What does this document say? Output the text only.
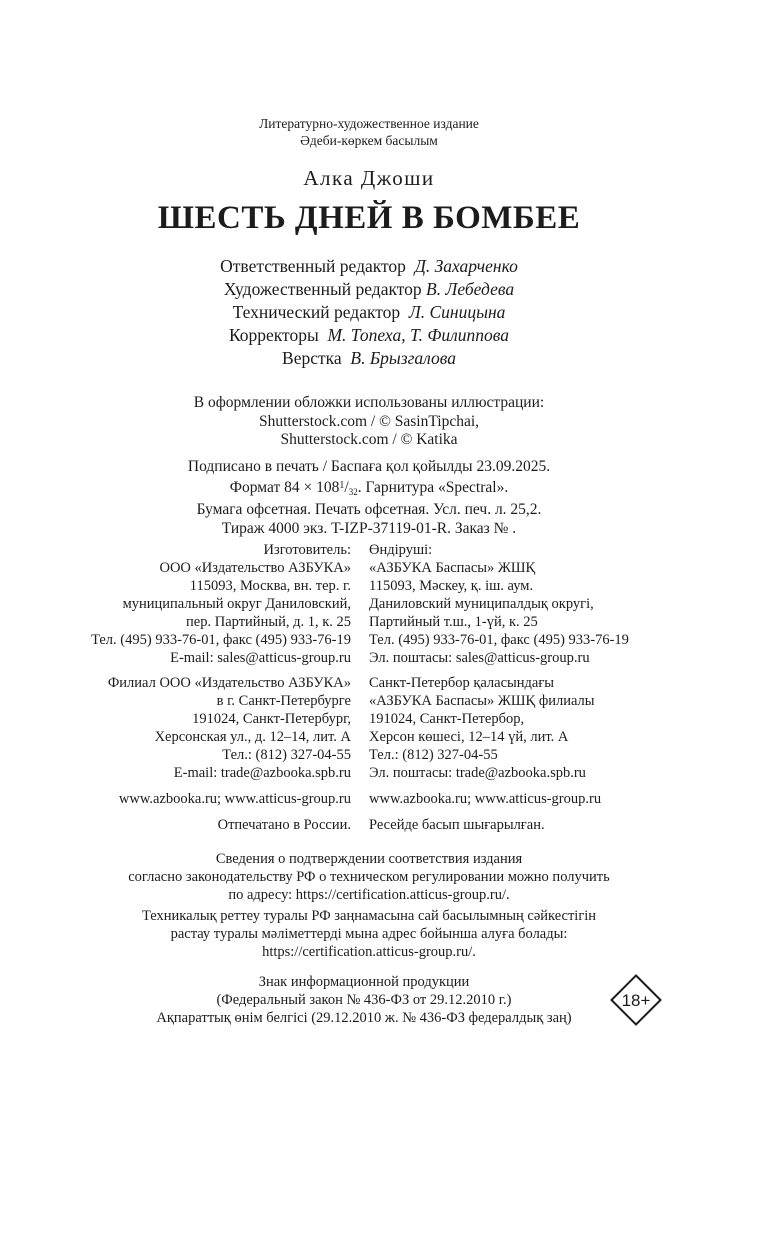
Литературно-художественное издание
Әдеби-көркем басылым
Алка Джоши
ШЕСТЬ ДНЕЙ В БОМБЕЕ
Ответственный редактор Д. Захарченко
Художественный редактор В. Лебедева
Технический редактор Л. Синицына
Корректоры М. Топеха, Т. Филиппова
Верстка В. Брызгалова
В оформлении обложки использованы иллюстрации:
Shutterstock.com / © SasinTipchai,
Shutterstock.com / © Katika
Подписано в печать / Баспаға қол қойылды 23.09.2025.
Формат $84 \times 108^1/_{32}$. Гарнитура «Spectral».
Бумага офсетная. Печать офсетная. Усл. печ. л. 25,2.
Тираж 4000 экз. T-IZP-37119-01-R. Заказ № .
Изготовитель:
ООО «Издательство АЗБУКА»
115093, Москва, вн. тер. г.
муниципальный округ Даниловский,
пер. Партийный, д. 1, к. 25
Тел. (495) 933-76-01, факс (495) 933-76-19
E-mail: sales@atticus-group.ru
Өндіруші:
«АЗБУКА Баспасы» ЖШҚ
115093, Мәскеу, қ. іш. аум.
Даниловский муниципалдық округі,
Партийный т.ш., 1-үй, к. 25
Тел. (495) 933-76-01, факс (495) 933-76-19
Эл. поштасы: sales@atticus-group.ru
Филиал ООО «Издательство АЗБУКА»
в г. Санкт-Петербурге
191024, Санкт-Петербург,
Херсонская ул., д. 12–14, лит. А
Тел.: (812) 327-04-55
E-mail: trade@azbooka.spb.ru
Санкт-Петербор қаласындағы
«АЗБУКА Баспасы» ЖШҚ филиалы
191024, Санкт-Петербор,
Херсон көшесі, 12–14 үй, лит. А
Тел.: (812) 327-04-55
Эл. поштасы: trade@azbooka.spb.ru
www.azbooka.ru; www.atticus-group.ru www.azbooka.ru; www.atticus-group.ru
Отпечатано в России. Ресейде басып шығарылған.
Сведения о подтверждении соответствия издания
согласно законодательству РФ о техническом регулировании можно получить
по адресу: https://certification.atticus-group.ru/.
Техникалық реттеу туралы РФ заңнамасына сай басылымның сәйкестігін
растау туралы мәліметтерді мына адрес бойынша алуға болады:
https://certification.atticus-group.ru/.
Знак информационной продукции
(Федеральный закон № 436-ФЗ от 29.12.2010 г.)
Ақпараттық өнім белгісі (29.12.2010 ж. № 436-ФЗ федералдық заң)
18+
